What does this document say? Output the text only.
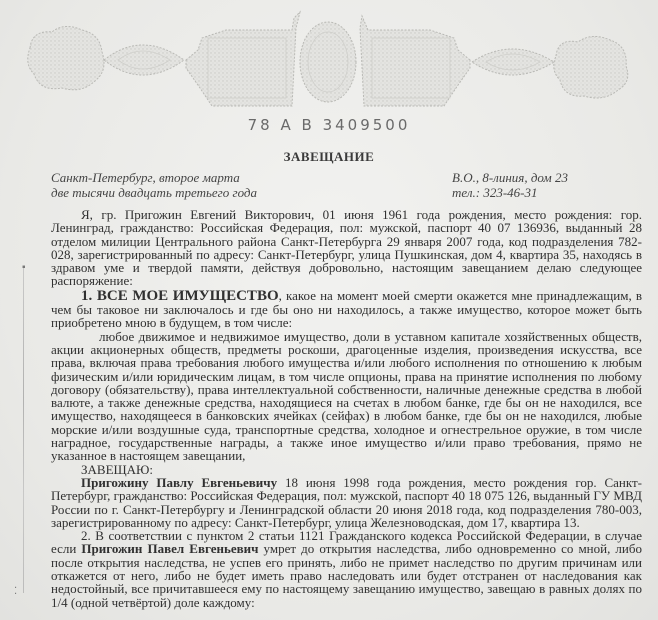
78 А В 3409500
ЗАВЕЩАНИЕ
Санкт-Петербург, второе марта
две тысячи двадцать третьего года
В.О., 8-линия, дом 23
тел.: 323-46-31
▪
⁚

Я, гр. Пригожин Евгений Викторович, 01 июня 1961 года рождения, место рождения: гор. Ленинград, гражданство: Российская Федерация, пол: мужской, паспорт 40 07 136936, выданный 28 отделом милиции Центрального района Санкт-Петербурга 29 января 2007 года, код подразделения 782-028, зарегистрированный по адресу: Санкт-Петербург, улица Пушкинская, дом 4, квартира 35, находясь в здравом уме и твердой памяти, действуя добровольно, настоящим завещанием делаю следующее распоряжение:

1. ВСЕ МОЕ ИМУЩЕСТВО, какое на момент моей смерти окажется мне принадлежащим, в чем бы таковое ни заключалось и где бы оно ни находилось, а также имущество, которое может быть приобретено мною в будущем, в том числе:

любое движимое и недвижимое имущество, доли в уставном капитале хозяйственных обществ, акции акционерных обществ, предметы роскоши, драгоценные изделия, произведения искусства, все права, включая права требования любого имущества и/или любого исполнения по отношению к любым физическим и/или юридическим лицам, в том числе опционы, права на принятие исполнения по любому договору (обязательству), права интеллектуальной собственности, наличные денежные средства в любой валюте, а также денежные средства, находящиеся на счетах в любом банке, где бы он не находился, все имущество, находящееся в банковских ячейках (сейфах) в любом банке, где бы он не находился, любые морские и/или воздушные суда, транспортные средства, холодное и огнестрельное оружие, в том числе наградное, государственные награды, а также иное имущество и/или право требования, прямо не указанное в настоящем завещании,

ЗАВЕЩАЮ:

Пригожину Павлу Евгеньевичу 18 июня 1998 года рождения, место рождения гор. Санкт-Петербург, гражданство: Российская Федерация, пол: мужской, паспорт 40 18 075 126, выданный ГУ МВД России по г. Санкт-Петербургу и Ленинградской области 20 июня 2018 года, код подразделения 780-003, зарегистрированному по адресу: Санкт-Петербург, улица Железноводская, дом 17, квартира 13.

2. В соответствии с пунктом 2 статьи 1121 Гражданского кодекса Российской Федерации, в случае если Пригожин Павел Евгеньевич умрет до открытия наследства, либо одновременно со мной, либо после открытия наследства, не успев его принять, либо не примет наследство по другим причинам или откажется от него, либо не будет иметь право наследовать или будет отстранен от наследования как недостойный, все причитавшееся ему по настоящему завещанию имущество, завещаю в равных долях по 1/4 (одной четвёртой) доле каждому:
